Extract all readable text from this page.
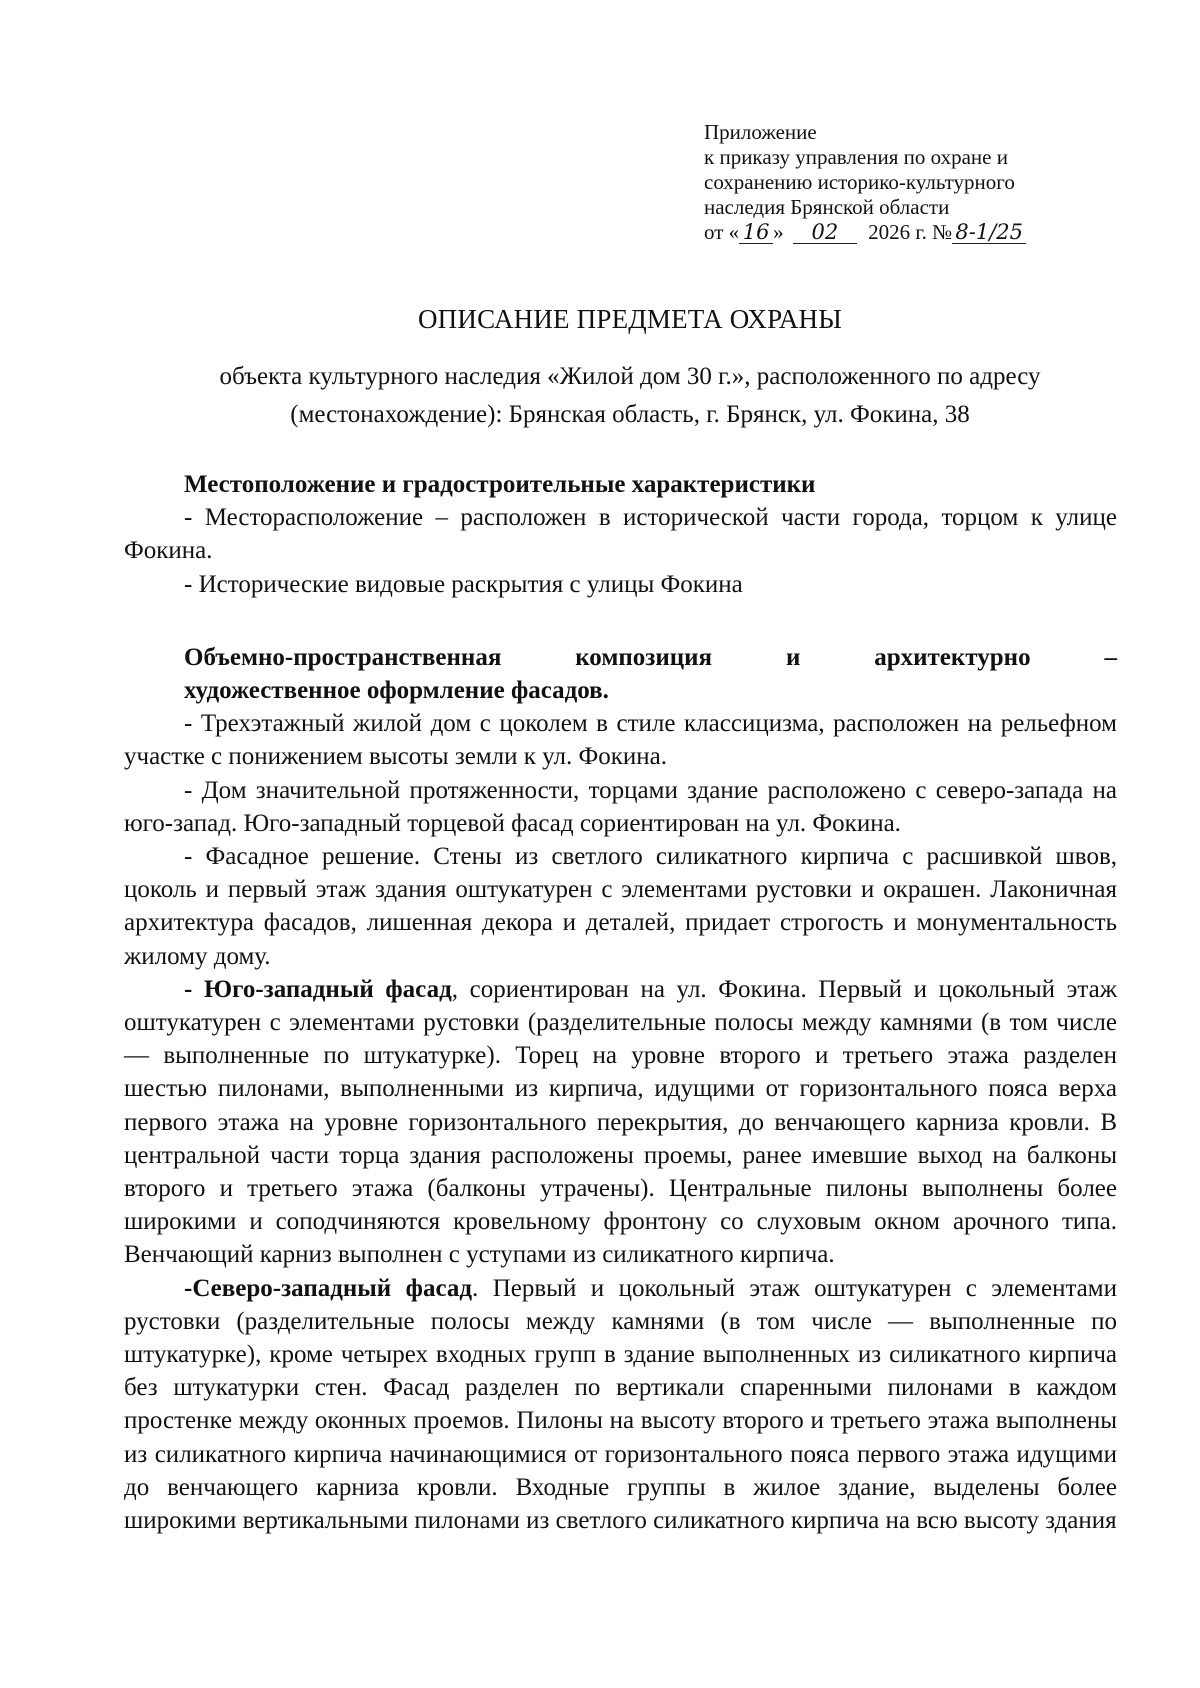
Приложение
к приказу управления по охране и
сохранению историко-культурного
наследия Брянской области
от « 16 » 02 2026 г. № 8-1/25
ОПИСАНИЕ ПРЕДМЕТА ОХРАНЫ
объекта культурного наследия «Жилой дом 30 г.», расположенного по адресу
(местонахождение): Брянская область, г. Брянск, ул. Фокина, 38
Местоположение и градостроительные характеристики

- Месторасположение – расположен в исторической части города, торцом к улице Фокина.

- Исторические видовые раскрытия с улицы Фокина

Объемно-пространственная	композиция	и	архитектурно	–
художественное оформление фасадов.

- Трехэтажный жилой дом с цоколем в стиле классицизма, расположен на рельефном участке с понижением высоты земли к ул. Фокина.

- Дом значительной протяженности, торцами здание расположено с северо-запада на юго-запад. Юго-западный торцевой фасад сориентирован на ул. Фокина.

- Фасадное решение. Стены из светлого силикатного кирпича с расшивкой швов, цоколь и первый этаж здания оштукатурен с элементами рустовки и окрашен. Лаконичная архитектура фасадов, лишенная декора и деталей, придает строгость и монументальность жилому дому.

- Юго-западный фасад, сориентирован на ул. Фокина. Первый и цокольный этаж оштукатурен с элементами рустовки (разделительные полосы между камнями (в том числе — выполненные по штукатурке). Торец на уровне второго и третьего этажа разделен шестью пилонами, выполненными из кирпича, идущими от горизонтального пояса верха первого этажа на уровне горизонтального перекрытия, до венчающего карниза кровли. В центральной части торца здания расположены проемы, ранее имевшие выход на балконы второго и третьего этажа (балконы утрачены). Центральные пилоны выполнены более широкими и соподчиняются кровельному фронтону со слуховым окном арочного типа. Венчающий карниз выполнен с уступами из силикатного кирпича.

-Северо-западный фасад. Первый и цокольный этаж оштукатурен с элементами рустовки (разделительные полосы между камнями (в том числе — выполненные по штукатурке), кроме четырех входных групп в здание выполненных из силикатного кирпича без штукатурки стен. Фасад разделен по вертикали спаренными пилонами в каждом простенке между оконных проемов. Пилоны на высоту второго и третьего этажа выполнены из силикатного кирпича начинающимися от горизонтального пояса первого этажа идущими до венчающего карниза кровли. Входные группы в жилое здание, выделены более широкими вертикальными пилонами из светлого силикатного кирпича на всю высоту здания
